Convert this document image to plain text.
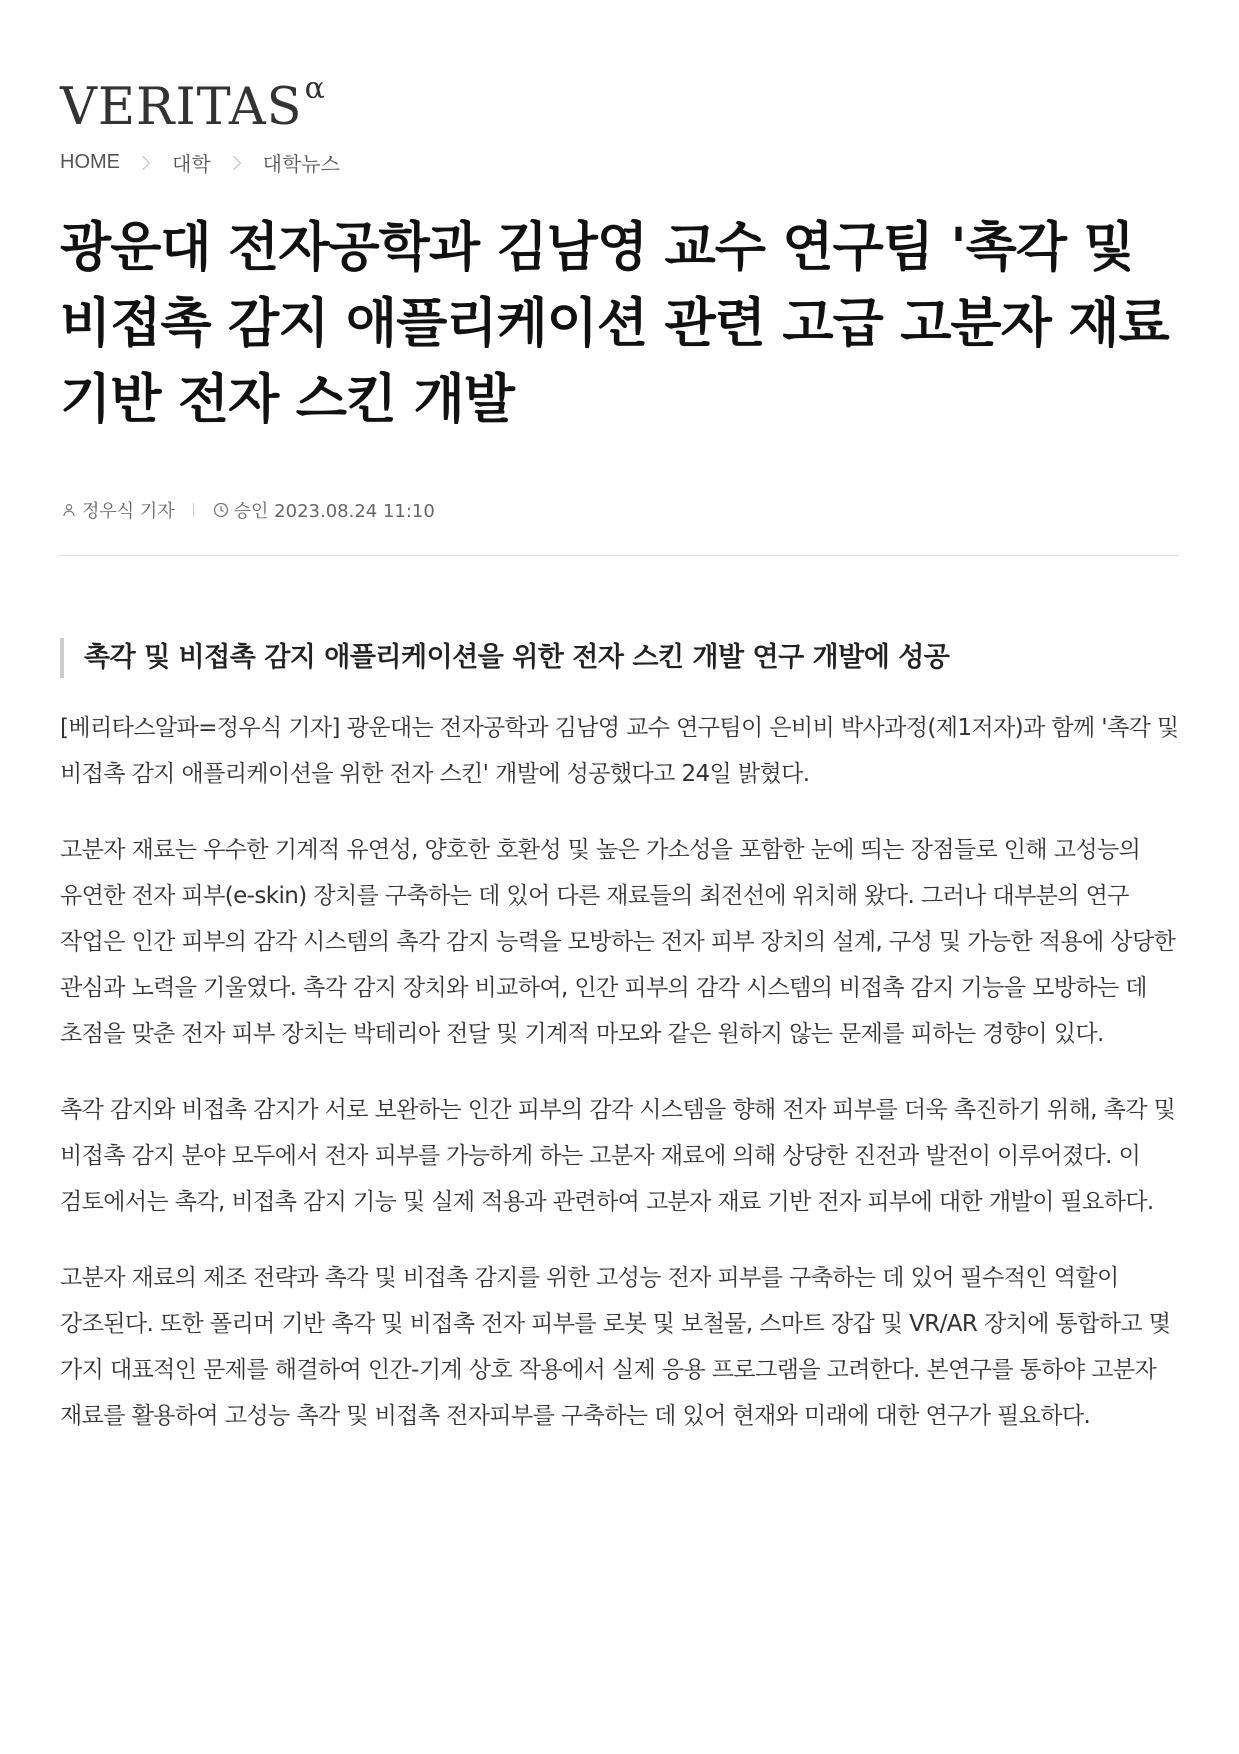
VERITAS α
HOME	대학	대학뉴스
광운대 전자공학과 김남영 교수 연구팀 '촉각 및 비접촉 감지 애플리케이션 관련 고급 고분자 재료 기반 전자 스킨 개발
정우식 기자	승인 2023.08.24 11:10
촉각 및 비접촉 감지 애플리케이션을 위한 전자 스킨 개발 연구 개발에 성공

[베리타스알파=정우식 기자] 광운대는 전자공학과 김남영 교수 연구팀이 은비비 박사과정(제1저자)과 함께 '촉각 및 비접촉 감지 애플리케이션을 위한 전자 스킨' 개발에 성공했다고 24일 밝혔다.

고분자 재료는 우수한 기계적 유연성, 양호한 호환성 및 높은 가소성을 포함한 눈에 띄는 장점들로 인해 고성능의 유연한 전자 피부(e-skin) 장치를 구축하는 데 있어 다른 재료들의 최전선에 위치해 왔다. 그러나 대부분의 연구 작업은 인간 피부의 감각 시스템의 촉각 감지 능력을 모방하는 전자 피부 장치의 설계, 구성 및 가능한 적용에 상당한 관심과 노력을 기울였다. 촉각 감지 장치와 비교하여, 인간 피부의 감각 시스템의 비접촉 감지 기능을 모방하는 데 초점을 맞춘 전자 피부 장치는 박테리아 전달 및 기계적 마모와 같은 원하지 않는 문제를 피하는 경향이 있다.

촉각 감지와 비접촉 감지가 서로 보완하는 인간 피부의 감각 시스템을 향해 전자 피부를 더욱 촉진하기 위해, 촉각 및 비접촉 감지 분야 모두에서 전자 피부를 가능하게 하는 고분자 재료에 의해 상당한 진전과 발전이 이루어졌다. 이 검토에서는 촉각, 비접촉 감지 기능 및 실제 적용과 관련하여 고분자 재료 기반 전자 피부에 대한 개발이 필요하다.

고분자 재료의 제조 전략과 촉각 및 비접촉 감지를 위한 고성능 전자 피부를 구축하는 데 있어 필수적인 역할이 강조된다. 또한 폴리머 기반 촉각 및 비접촉 전자 피부를 로봇 및 보철물, 스마트 장갑 및 VR/AR 장치에 통합하고 몇 가지 대표적인 문제를 해결하여 인간-기계 상호 작용에서 실제 응용 프로그램을 고려한다. 본연구를 통하야 고분자 재료를 활용하여 고성능 촉각 및 비접촉 전자피부를 구축하는 데 있어 현재와 미래에 대한 연구가 필요하다.
